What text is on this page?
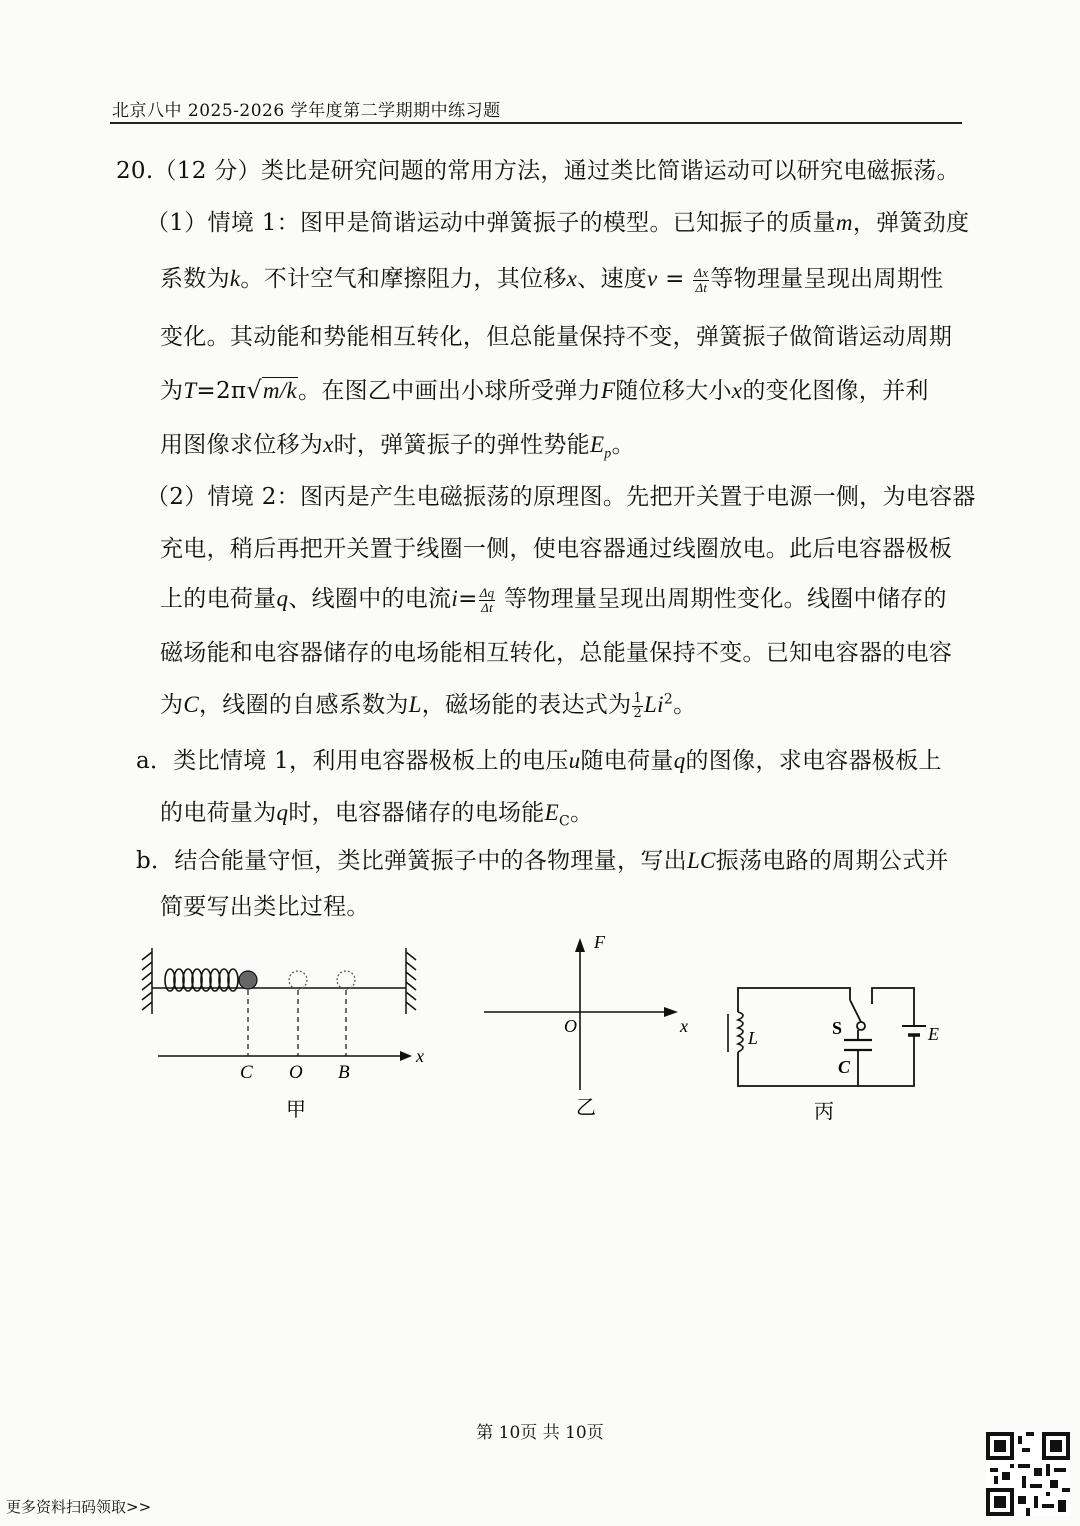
北京八中 2025-2026 学年度第二学期期中练习题
20.（12 分）类比是研究问题的常用方法，通过类比简谐运动可以研究电磁振荡。
（1）情境 1：图甲是简谐运动中弹簧振子的模型。已知振子的质量m，弹簧劲度
系数为k。不计空气和摩擦阻力，其位移x、速度$v = \frac{\Delta x}{\Delta t}$ 等物理量呈现出周期性
变化。其动能和势能相互转化，但总能量保持不变，弹簧振子做简谐运动周期
为T=2π√m/k。在图乙中画出小球所受弹力F随位移大小x的变化图像，并利
用图像求位移为x时，弹簧振子的弹性势能$E_p$。
（2）情境 2：图丙是产生电磁振荡的原理图。先把开关置于电源一侧，为电容器
充电，稍后再把开关置于线圈一侧，使电容器通过线圈放电。此后电容器极板
上的电荷量q、线圈中的电流$i= \frac{\Delta q}{\Delta t}$ 等物理量呈现出周期性变化。线圈中储存的
磁场能和电容器储存的电场能相互转化，总能量保持不变。已知电容器的电容
为C，线圈的自感系数为L，磁场能的表达式为 $\frac{1}{2} Li^2$。
a．类比情境 1，利用电容器极板上的电压u随电荷量q的图像，求电容器极板上
的电荷量为q时，电容器储存的电场能$E_C$。
b．结合能量守恒，类比弹簧振子中的各物理量，写出LC振荡电路的周期公式并
简要写出类比过程。
x
C O B
甲
F
x
O
乙
L	S
C
E
丙
第 10页 共 10页
更多资料扫码领取>>
